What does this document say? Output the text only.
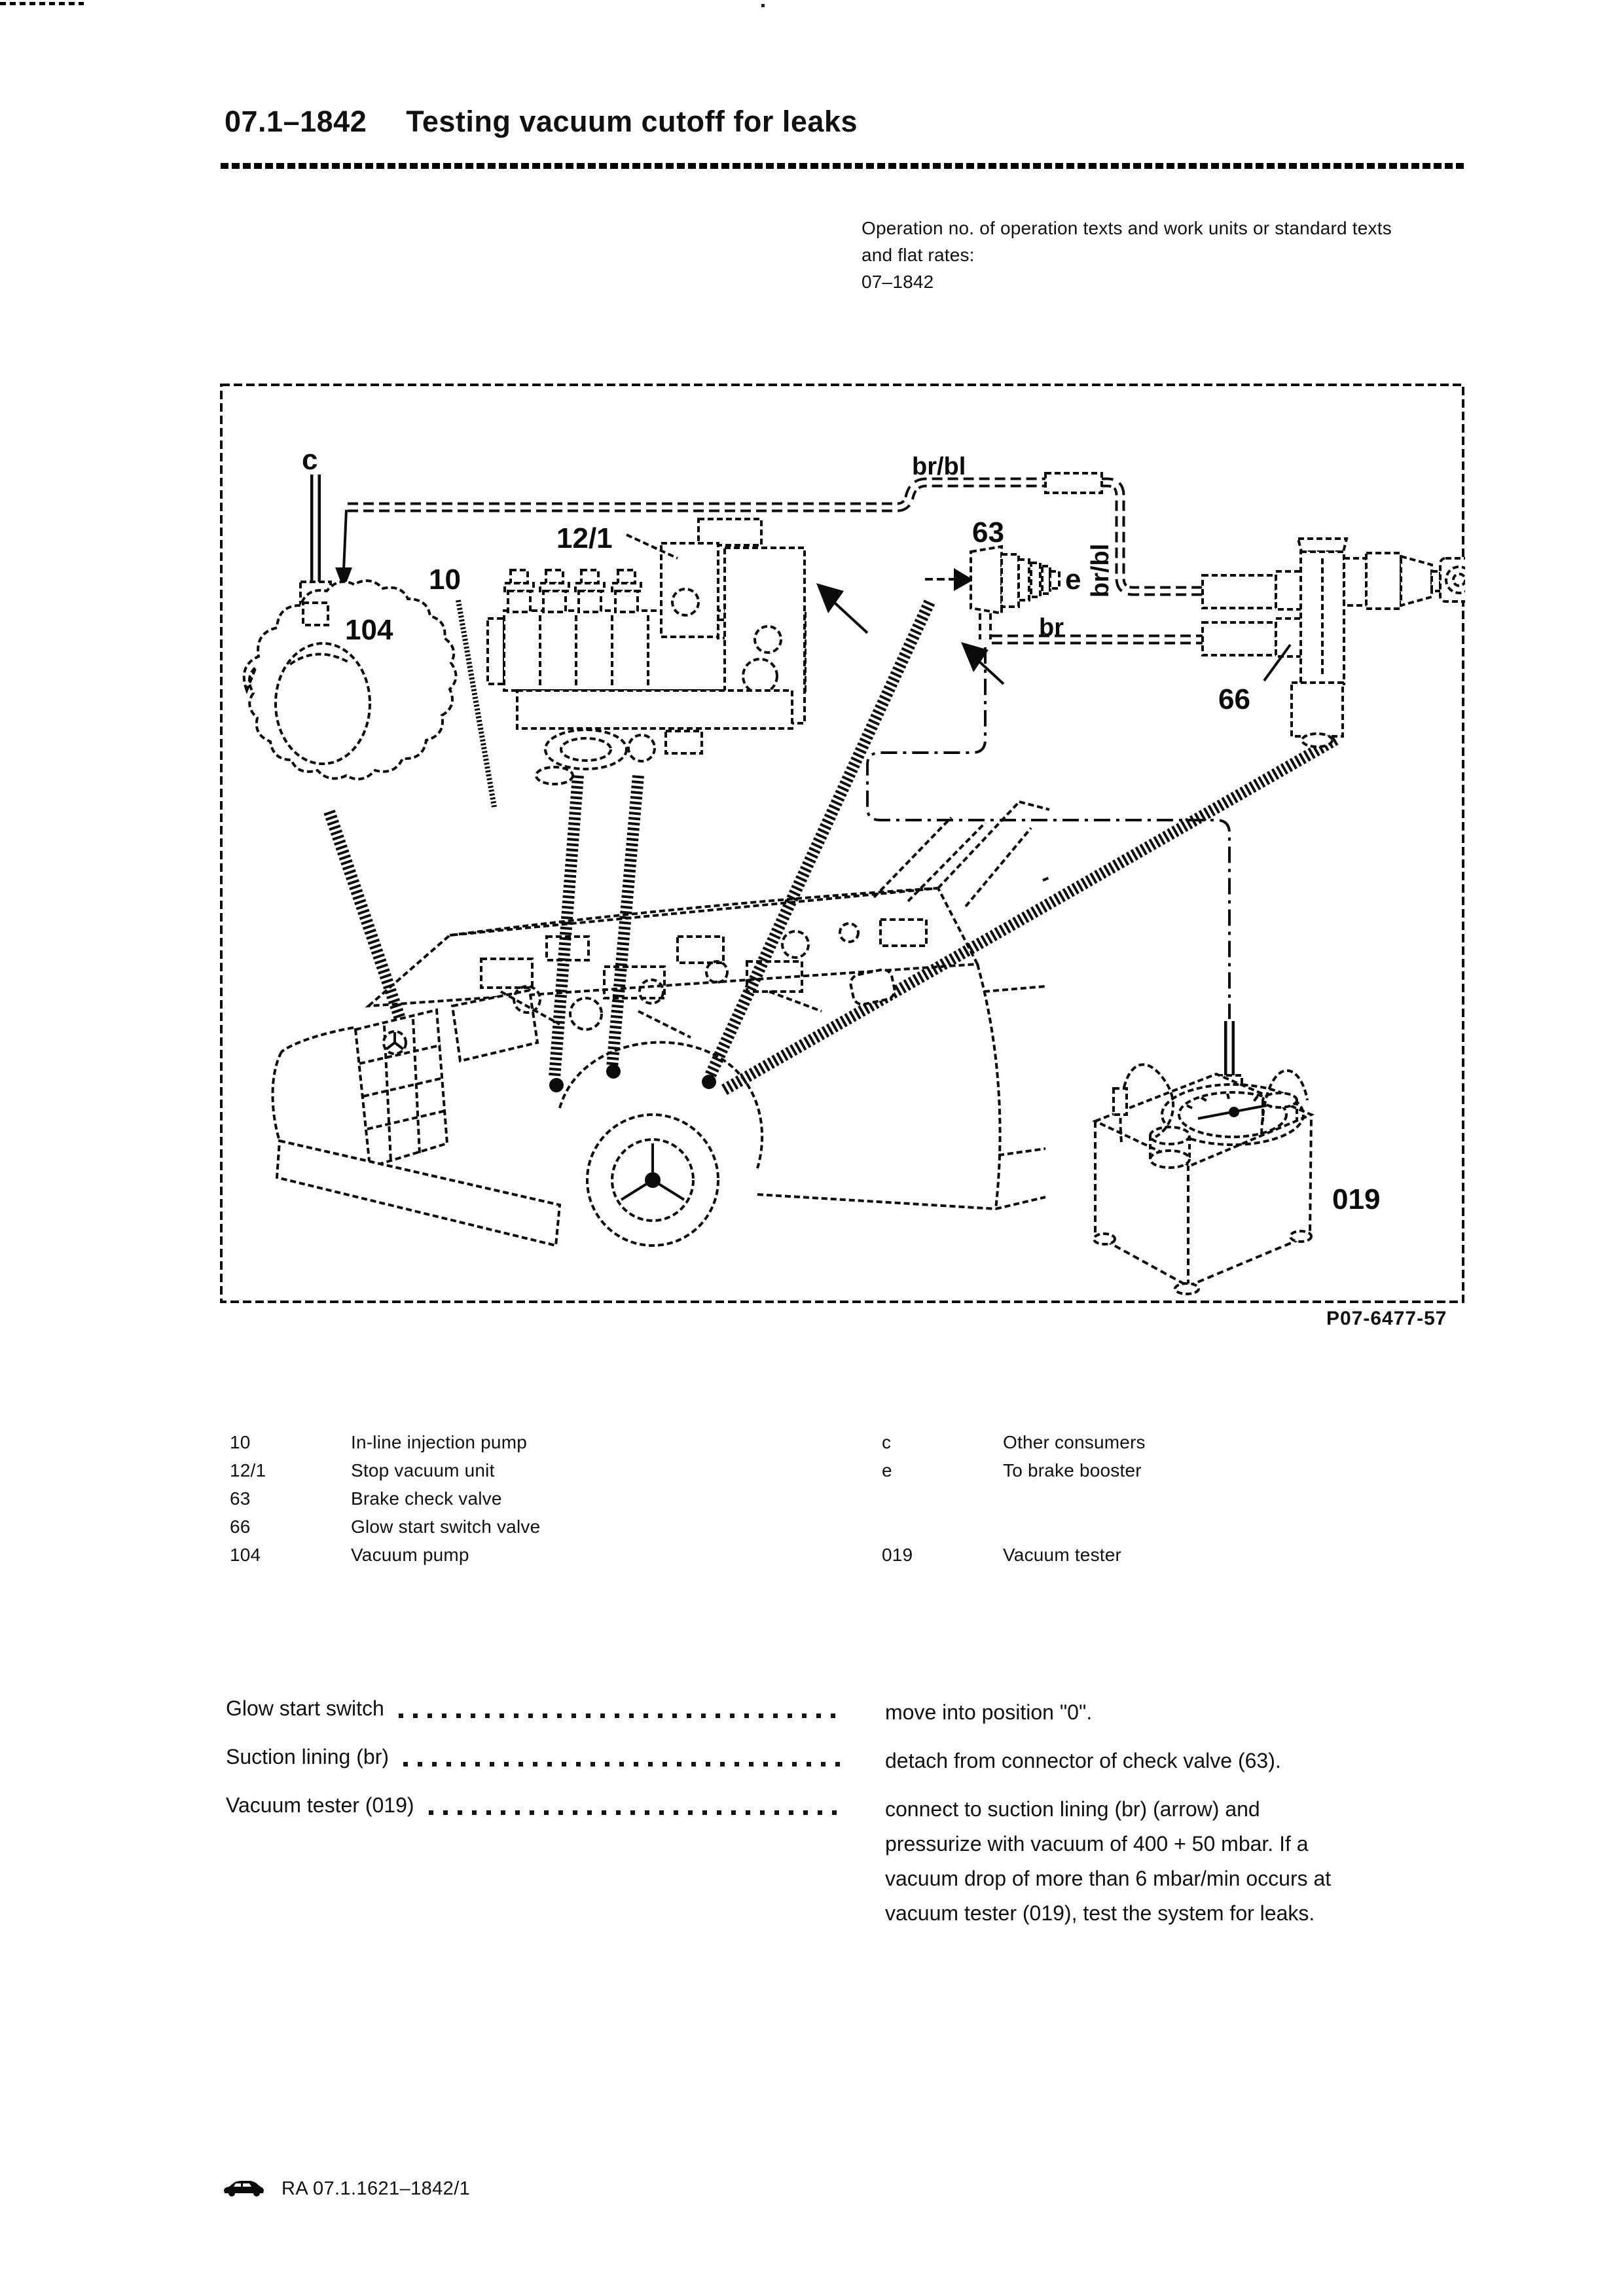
07.1–1842 Testing vacuum cutoff for leaks
Operation no. of operation texts and work units or standard texts
and flat rates:
07–1842
c
12/1
10
104
br/bl
63
e br/bl
br
66
019
P07-6477-57
10	In-line injection pump
12/1	Stop vacuum unit
63	Brake check valve
66	Glow start switch valve
104	Vacuum pump
c	Other consumers
e	To brake booster
019	Vacuum tester
Glow start switch	move into position "0".
Suction lining (br)	detach from connector of check valve (63).
Vacuum tester (019)	connect to suction lining (br) (arrow) and pressurize with vacuum of 400 + 50 mbar. If a vacuum drop of more than 6 mbar/min occurs at vacuum tester (019), test the system for leaks.
RA 07.1.1621–1842/1
